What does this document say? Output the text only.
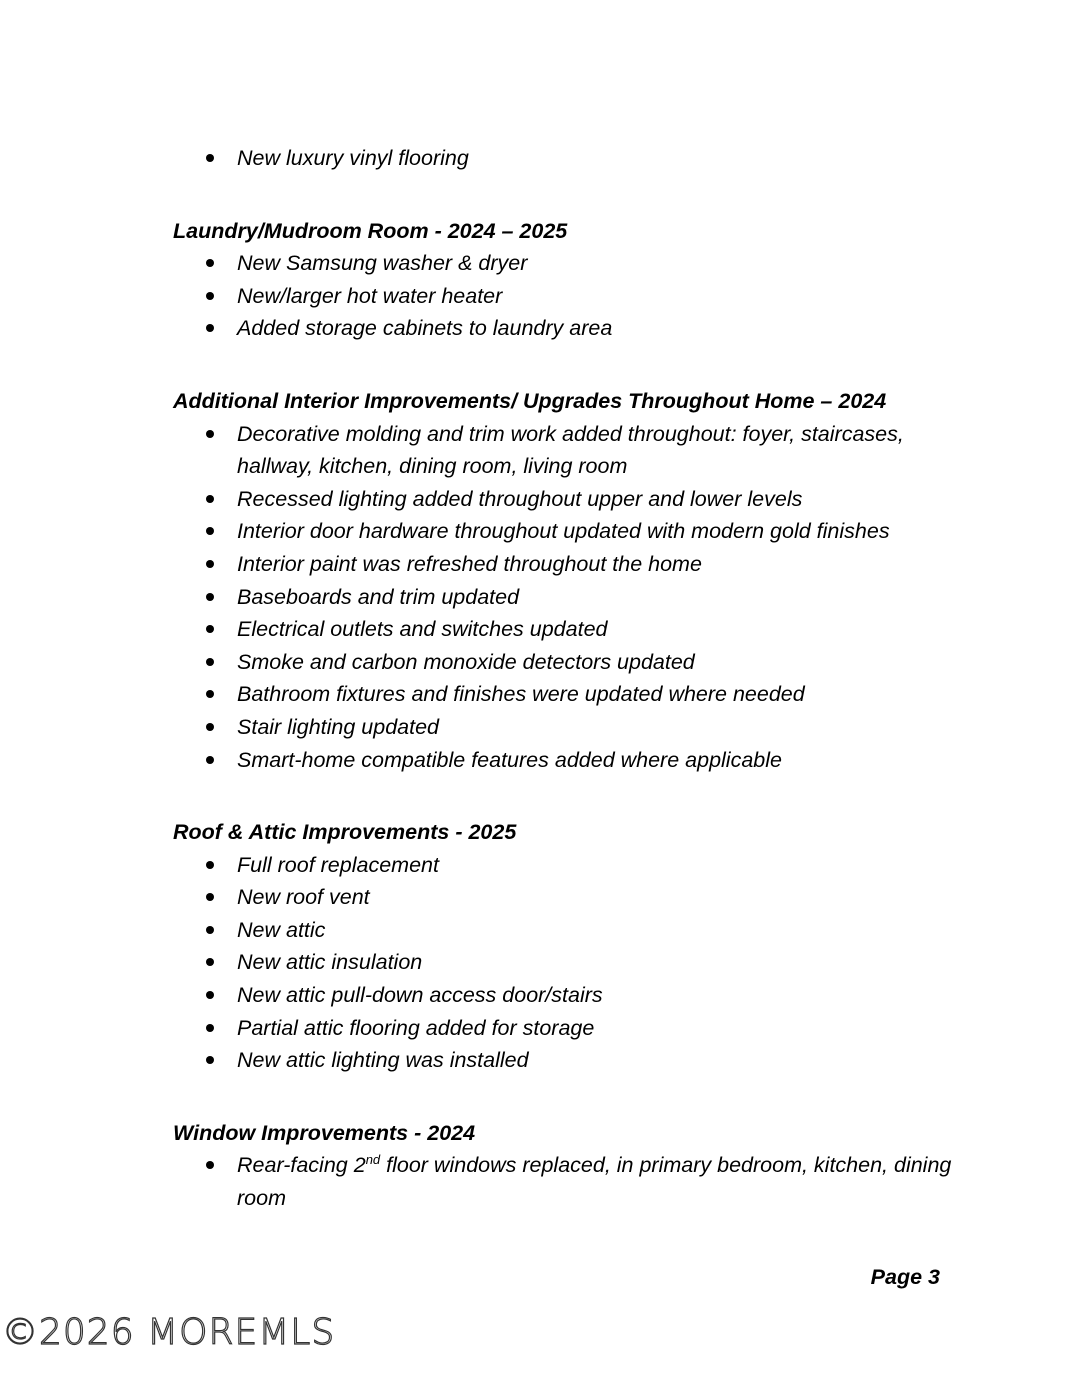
New luxury vinyl flooring

Laundry/Mudroom Room - 2024 – 2025

New Samsung washer & dryer
New/larger hot water heater
Added storage cabinets to laundry area

Additional Interior Improvements/ Upgrades Throughout Home – 2024

Decorative molding and trim work added throughout: foyer, staircases, hallway, kitchen, dining room, living room
Recessed lighting added throughout upper and lower levels
Interior door hardware throughout updated with modern gold finishes
Interior paint was refreshed throughout the home
Baseboards and trim updated
Electrical outlets and switches updated
Smoke and carbon monoxide detectors updated
Bathroom fixtures and finishes were updated where needed
Stair lighting updated
Smart-home compatible features added where applicable

Roof & Attic Improvements - 2025

Full roof replacement
New roof vent
New attic
New attic insulation
New attic pull-down access door/stairs
Partial attic flooring added for storage
New attic lighting was installed

Window Improvements - 2024

Rear-facing 2nd floor windows replaced, in primary bedroom, kitchen, dining room
Page 3
©2026 MOREMLS
